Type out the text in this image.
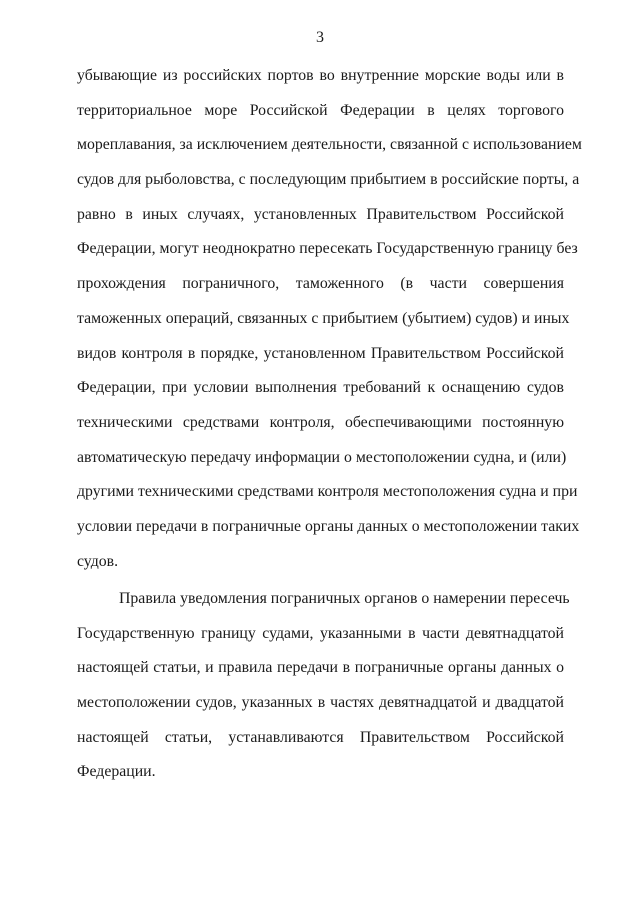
3
убывающие из российских портов во внутренние морские воды или в
территориальное море Российской Федерации в целях торгового
мореплавания, за исключением деятельности, связанной с использованием
судов для рыболовства, с последующим прибытием в российские порты, а
равно в иных случаях, установленных Правительством Российской
Федерации, могут неоднократно пересекать Государственную границу без
прохождения пограничного, таможенного (в части совершения
таможенных операций, связанных с прибытием (убытием) судов) и иных
видов контроля в порядке, установленном Правительством Российской
Федерации, при условии выполнения требований к оснащению судов
техническими средствами контроля, обеспечивающими постоянную
автоматическую передачу информации о местоположении судна, и (или)
другими техническими средствами контроля местоположения судна и при
условии передачи в пограничные органы данных о местоположении таких
судов.
Правила уведомления пограничных органов о намерении пересечь
Государственную границу судами, указанными в части девятнадцатой
настоящей статьи, и правила передачи в пограничные органы данных о
местоположении судов, указанных в частях девятнадцатой и двадцатой
настоящей статьи, устанавливаются Правительством Российской
Федерации.
